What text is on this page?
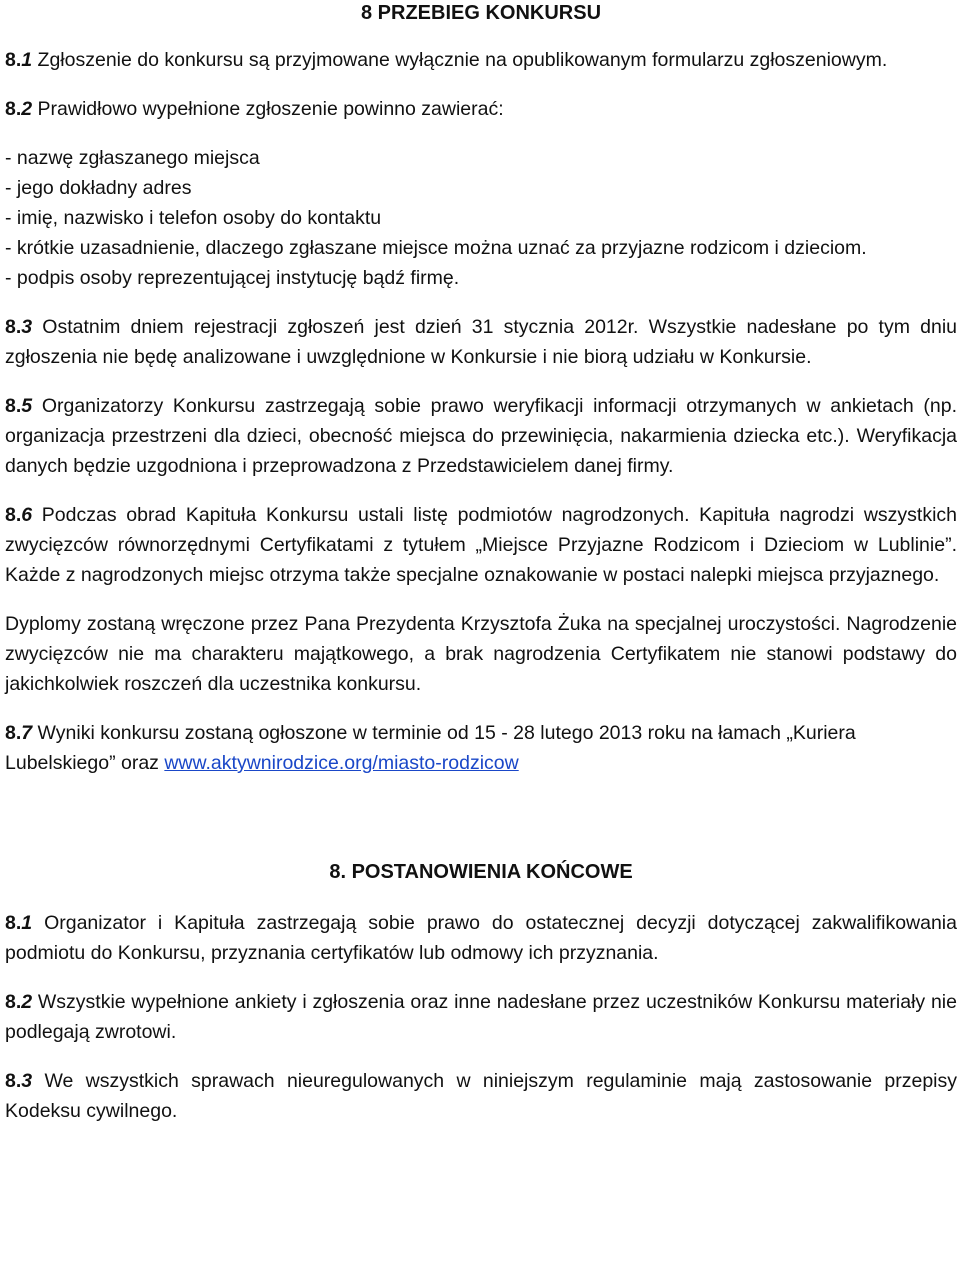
8 PRZEBIEG KONKURSU

8.1 Zgłoszenie do konkursu są przyjmowane wyłącznie na opublikowanym formularzu zgłoszeniowym.

8.2 Prawidłowo wypełnione zgłoszenie powinno zawierać:

- nazwę zgłaszanego miejsca

- jego dokładny adres

- imię, nazwisko i telefon osoby do kontaktu

- krótkie uzasadnienie, dlaczego zgłaszane miejsce można uznać za przyjazne rodzicom i dzieciom.

- podpis osoby reprezentującej instytucję bądź firmę.

8.3 Ostatnim dniem rejestracji zgłoszeń jest dzień 31 stycznia 2012r. Wszystkie nadesłane po tym dniu zgłoszenia nie będę analizowane i uwzględnione w Konkursie i nie biorą udziału w Konkursie.

8.5 Organizatorzy Konkursu zastrzegają sobie prawo weryfikacji informacji otrzymanych w ankietach (np. organizacja przestrzeni dla dzieci, obecność miejsca do przewinięcia, nakarmienia dziecka etc.). Weryfikacja danych będzie uzgodniona i przeprowadzona z Przedstawicielem danej firmy.

8.6 Podczas obrad Kapituła Konkursu ustali listę podmiotów nagrodzonych. Kapituła nagrodzi wszystkich zwycięzców równorzędnymi Certyfikatami z tytułem „Miejsce Przyjazne Rodzicom i Dzieciom w Lublinie”. Każde z nagrodzonych miejsc otrzyma także specjalne oznakowanie w postaci nalepki miejsca przyjaznego.

Dyplomy zostaną wręczone przez Pana Prezydenta Krzysztofa Żuka na specjalnej uroczystości. Nagrodzenie zwycięzców nie ma charakteru majątkowego, a brak nagrodzenia Certyfikatem nie stanowi podstawy do jakichkolwiek roszczeń dla uczestnika konkursu.

8.7 Wyniki konkursu zostaną ogłoszone w terminie od 15 - 28 lutego 2013 roku na łamach „Kuriera Lubelskiego” oraz www.aktywnirodzice.org/miasto-rodzicow

8. POSTANOWIENIA KOŃCOWE

8.1 Organizator i Kapituła zastrzegają sobie prawo do ostatecznej decyzji dotyczącej zakwalifikowania podmiotu do Konkursu, przyznania certyfikatów lub odmowy ich przyznania.

8.2 Wszystkie wypełnione ankiety i zgłoszenia oraz inne nadesłane przez uczestników Konkursu materiały nie podlegają zwrotowi.

8.3 We wszystkich sprawach nieuregulowanych w niniejszym regulaminie mają zastosowanie przepisy Kodeksu cywilnego.
